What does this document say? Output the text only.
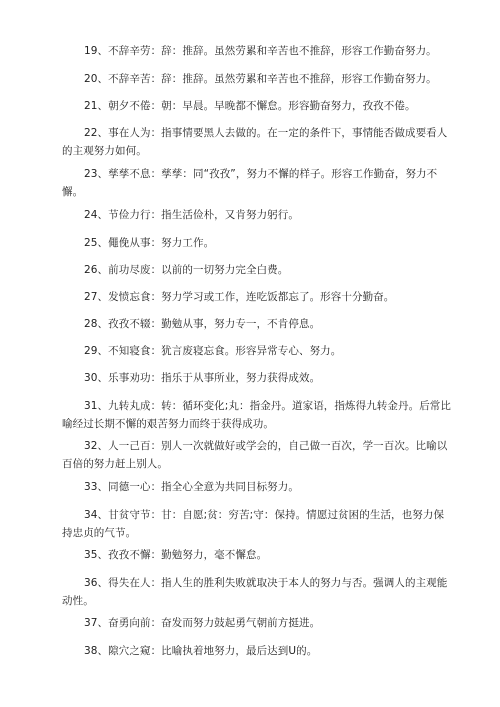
19、不辞辛劳：辞：推辞。虽然劳累和辛苦也不推辞，形容工作勤奋努力。
20、不辞辛苦：辞：推辞。虽然劳累和辛苦也不推辞，形容工作勤奋努力。
21、朝夕不倦：朝：早晨。早晚都不懈怠。形容勤奋努力，孜孜不倦。
22、事在人为：指事情要黑人去做的。在一定的条件下，事情能否做成要看人的主观努力如何。
23、孳孳不息：孳孳：同“孜孜”，努力不懈的样子。形容工作勤奋，努力不懈。
24、节俭力行：指生活俭朴，又肯努力躬行。
25、僶俛从事：努力工作。
26、前功尽废：以前的一切努力完全白费。
27、发愤忘食：努力学习或工作，连吃饭都忘了。形容十分勤奋。
28、孜孜不辍：勤勉从事，努力专一，不肯停息。
29、不知寝食：犹言废寝忘食。形容异常专心、努力。
30、乐事劝功：指乐于从事所业，努力获得成效。
31、九转丸成：转：循环变化;丸：指金丹。道家语，指炼得九转金丹。后常比喻经过长期不懈的艰苦努力而终于获得成功。
32、人一己百：别人一次就做好或学会的，自己做一百次，学一百次。比喻以百倍的努力赶上别人。
33、同德一心：指全心全意为共同目标努力。
34、甘贫守节：甘：自愿;贫：穷苦;守：保持。情愿过贫困的生活，也努力保持忠贞的气节。
35、孜孜不懈：勤勉努力，毫不懈怠。
36、得失在人：指人生的胜利失败就取决于本人的努力与否。强调人的主观能动性。
37、奋勇向前：奋发而努力鼓起勇气朝前方挺进。
38、隙穴之窥：比喻执着地努力，最后达到U的。
